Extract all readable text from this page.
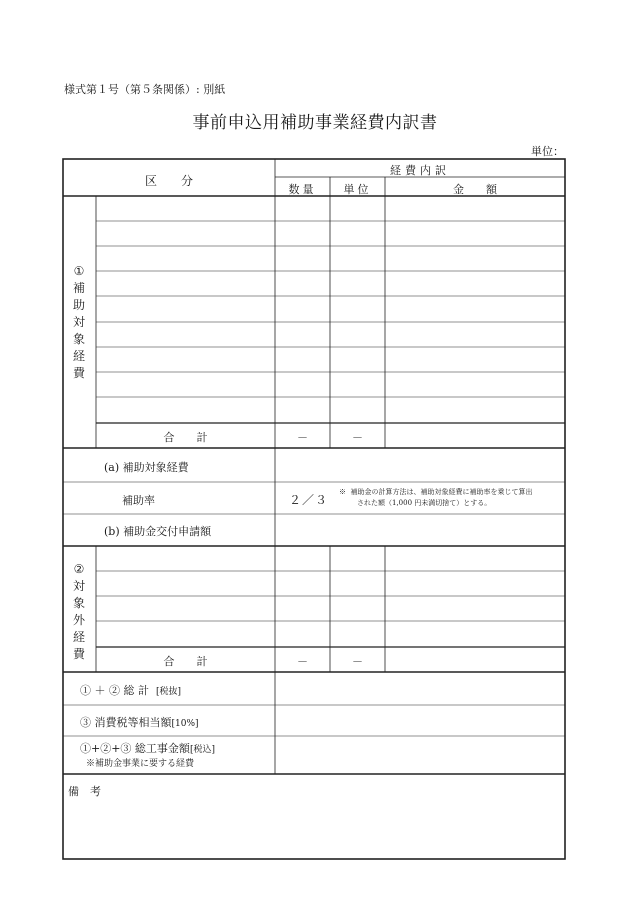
様式第１号（第５条関係）: 別紙
事前申込用補助事業経費内訳書
単位：
区　　分
経費内訳
数量	単位	金　　額
①
補
助
対
象
経
費
合　　計	－	－
(a) 補助対象経費
補助率	２／３
※ 補助金の計算方法は、補助対象経費に補助率を乗じて算出
された額（1,000 円未満切捨て）とする。
(b) 補助金交付申請額
②
対
象
外
経
費
合　　計	－	－
① ＋ ② 総 計 [税抜]
③ 消費税等相当額[10%]
①+②+③ 総工事金額[税込]
※補助金事業に要する経費
備　考
